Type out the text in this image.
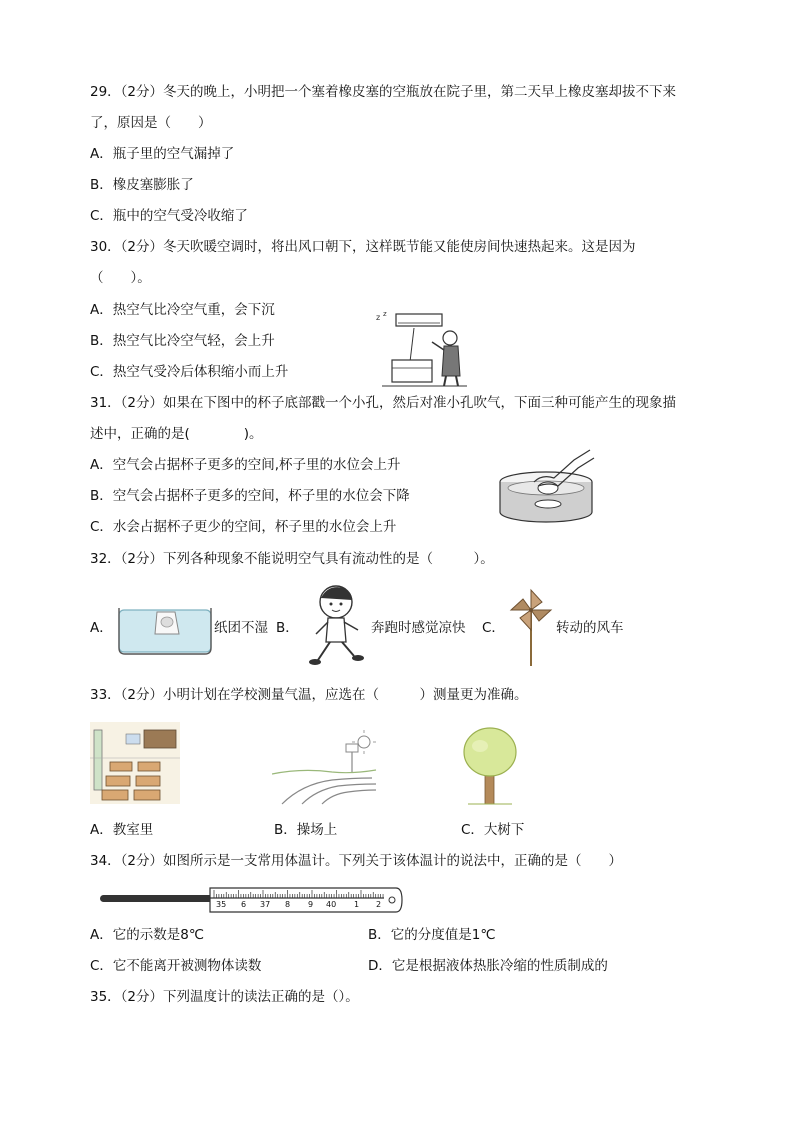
29．（2分）冬天的晚上，小明把一个塞着橡皮塞的空瓶放在院子里，第二天早上橡皮塞却拔不下来
了，原因是（　　）
A．瓶子里的空气漏掉了
B．橡皮塞膨胀了
C．瓶中的空气受冷收缩了
30．（2分）冬天吹暖空调时，将出风口朝下，这样既节能又能使房间快速热起来。这是因为
（　　）。
A．热空气比冷空气重，会下沉
B．热空气比冷空气轻，会上升
C．热空气受冷后体积缩小而上升
z z
31．（2分）如果在下图中的杯子底部戳一个小孔，然后对准小孔吹气，下面三种可能产生的现象描
述中，正确的是(　　　　)。
A．空气会占据杯子更多的空间,杯子里的水位会上升
B．空气会占据杯子更多的空间，杯子里的水位会下降
C．水会占据杯子更少的空间，杯子里的水位会上升
32．（2分）下列各种现象不能说明空气具有流动性的是（　　　）。
A．	纸团不湿 B．	奔跑时感觉凉快 C．	转动的风车
33．（2分）小明计划在学校测量气温，应选在（　　　）测量更为准确。
A．教室里	B．操场上	C．大树下
34．（2分）如图所示是一支常用体温计。下列关于该体温计的说法中，正确的是（　　）
35 6 37 8 9 40 1 2
A．它的示数是8℃	B．它的分度值是1℃
C．它不能离开被测物体读数	D．它是根据液体热胀冷缩的性质制成的
35．（2分）下列温度计的读法正确的是（）。
